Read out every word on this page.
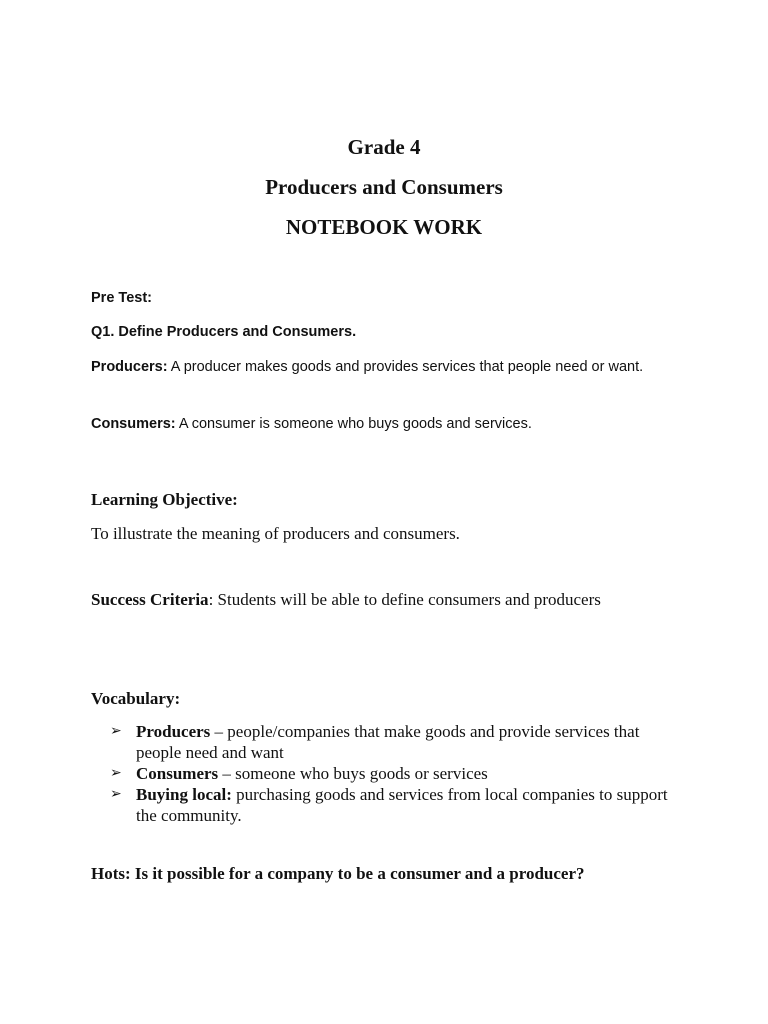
Grade 4
Producers and Consumers
NOTEBOOK WORK
Pre Test:
Q1. Define Producers and Consumers.
Producers: A producer makes goods and provides services that people need or want.
Consumers: A consumer is someone who buys goods and services.
Learning Objective:
To illustrate the meaning of producers and consumers.
Success Criteria: Students will be able to define consumers and producers
Vocabulary:
➢ Producers – people/companies that make goods and provide services that people need and want
➢ Consumers – someone who buys goods or services
➢ Buying local: purchasing goods and services from local companies to support the community.
Hots: Is it possible for a company to be a consumer and a producer?
